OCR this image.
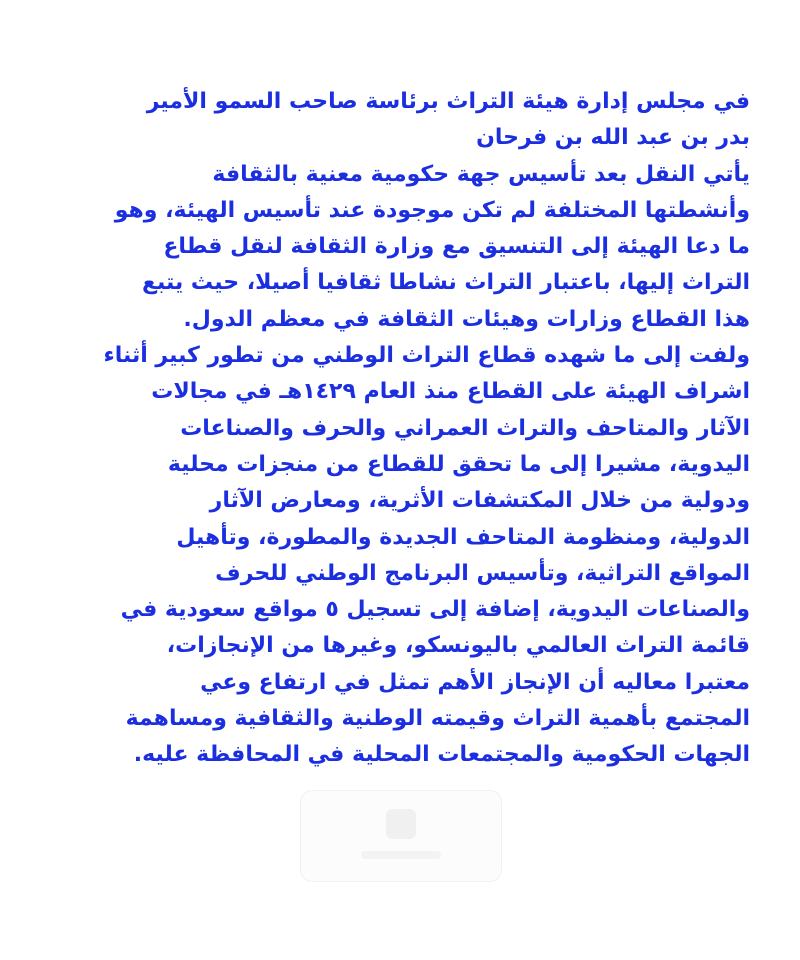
في مجلس إدارة هيئة التراث برئاسة صاحب السمو الأمير
بدر بن عبد الله بن فرحان
يأتي النقل بعد تأسيس جهة حكومية معنية بالثقافة
وأنشطتها المختلفة لم تكن موجودة عند تأسيس الهيئة، وهو
ما دعا الهيئة إلى التنسيق مع وزارة الثقافة لنقل قطاع
التراث إليها، باعتبار التراث نشاطا ثقافيا أصيلا، حيث يتبع
هذا القطاع وزارات وهيئات الثقافة في معظم الدول.
ولفت إلى ما شهده قطاع التراث الوطني من تطور كبير أثناء
اشراف الهيئة على القطاع منذ العام ١٤٢٩هـ في مجالات
الآثار والمتاحف والتراث العمراني والحرف والصناعات
اليدوية، مشيرا إلى ما تحقق للقطاع من منجزات محلية
ودولية من خلال المكتشفات الأثرية، ومعارض الآثار
الدولية، ومنظومة المتاحف الجديدة والمطورة، وتأهيل
المواقع التراثية، وتأسيس البرنامج الوطني للحرف
والصناعات اليدوية، إضافة إلى تسجيل ٥ مواقع سعودية في
قائمة التراث العالمي باليونسكو، وغيرها من الإنجازات،
معتبرا معاليه أن الإنجاز الأهم تمثل في ارتفاع وعي
المجتمع بأهمية التراث وقيمته الوطنية والثقافية ومساهمة
الجهات الحكومية والمجتمعات المحلية في المحافظة عليه.
